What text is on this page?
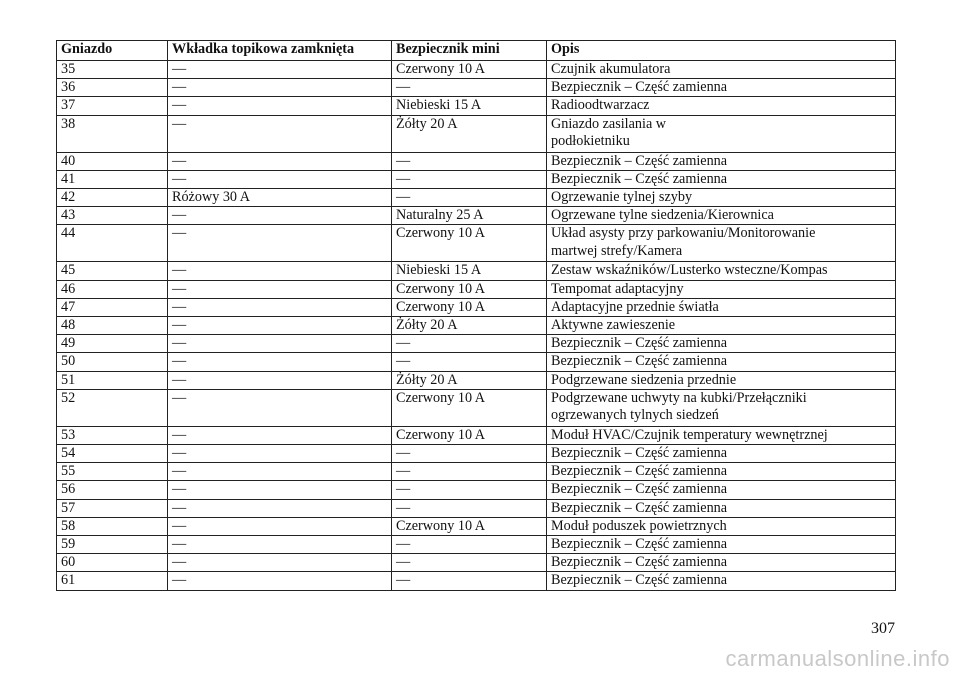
Gniazdo	Wkładka topikowa zamknięta	Bezpiecznik mini	Opis
35	—	Czerwony 10 A	Czujnik akumulatora
36	—	—	Bezpiecznik – Część zamienna
37	—	Niebieski 15 A	Radioodtwarzacz
38	—	Żółty 20 A	Gniazdo zasilania w
podłokietniku
40	—	—	Bezpiecznik – Część zamienna
41	—	—	Bezpiecznik – Część zamienna
42	Różowy 30 A	—	Ogrzewanie tylnej szyby
43	—	Naturalny 25 A	Ogrzewane tylne siedzenia/Kierownica
44	—	Czerwony 10 A	Układ asysty przy parkowaniu/Monitorowanie
martwej strefy/Kamera
45	—	Niebieski 15 A	Zestaw wskaźników/Lusterko wsteczne/Kompas
46	—	Czerwony 10 A	Tempomat adaptacyjny
47	—	Czerwony 10 A	Adaptacyjne przednie światła
48	—	Żółty 20 A	Aktywne zawieszenie
49	—	—	Bezpiecznik – Część zamienna
50	—	—	Bezpiecznik – Część zamienna
51	—	Żółty 20 A	Podgrzewane siedzenia przednie
52	—	Czerwony 10 A	Podgrzewane uchwyty na kubki/Przełączniki
ogrzewanych tylnych siedzeń
53	—	Czerwony 10 A	Moduł HVAC/Czujnik temperatury wewnętrznej
54	—	—	Bezpiecznik – Część zamienna
55	—	—	Bezpiecznik – Część zamienna
56	—	—	Bezpiecznik – Część zamienna
57	—	—	Bezpiecznik – Część zamienna
58	—	Czerwony 10 A	Moduł poduszek powietrznych
59	—	—	Bezpiecznik – Część zamienna
60	—	—	Bezpiecznik – Część zamienna
61	—	—	Bezpiecznik – Część zamienna
307
carmanualsonline.info
